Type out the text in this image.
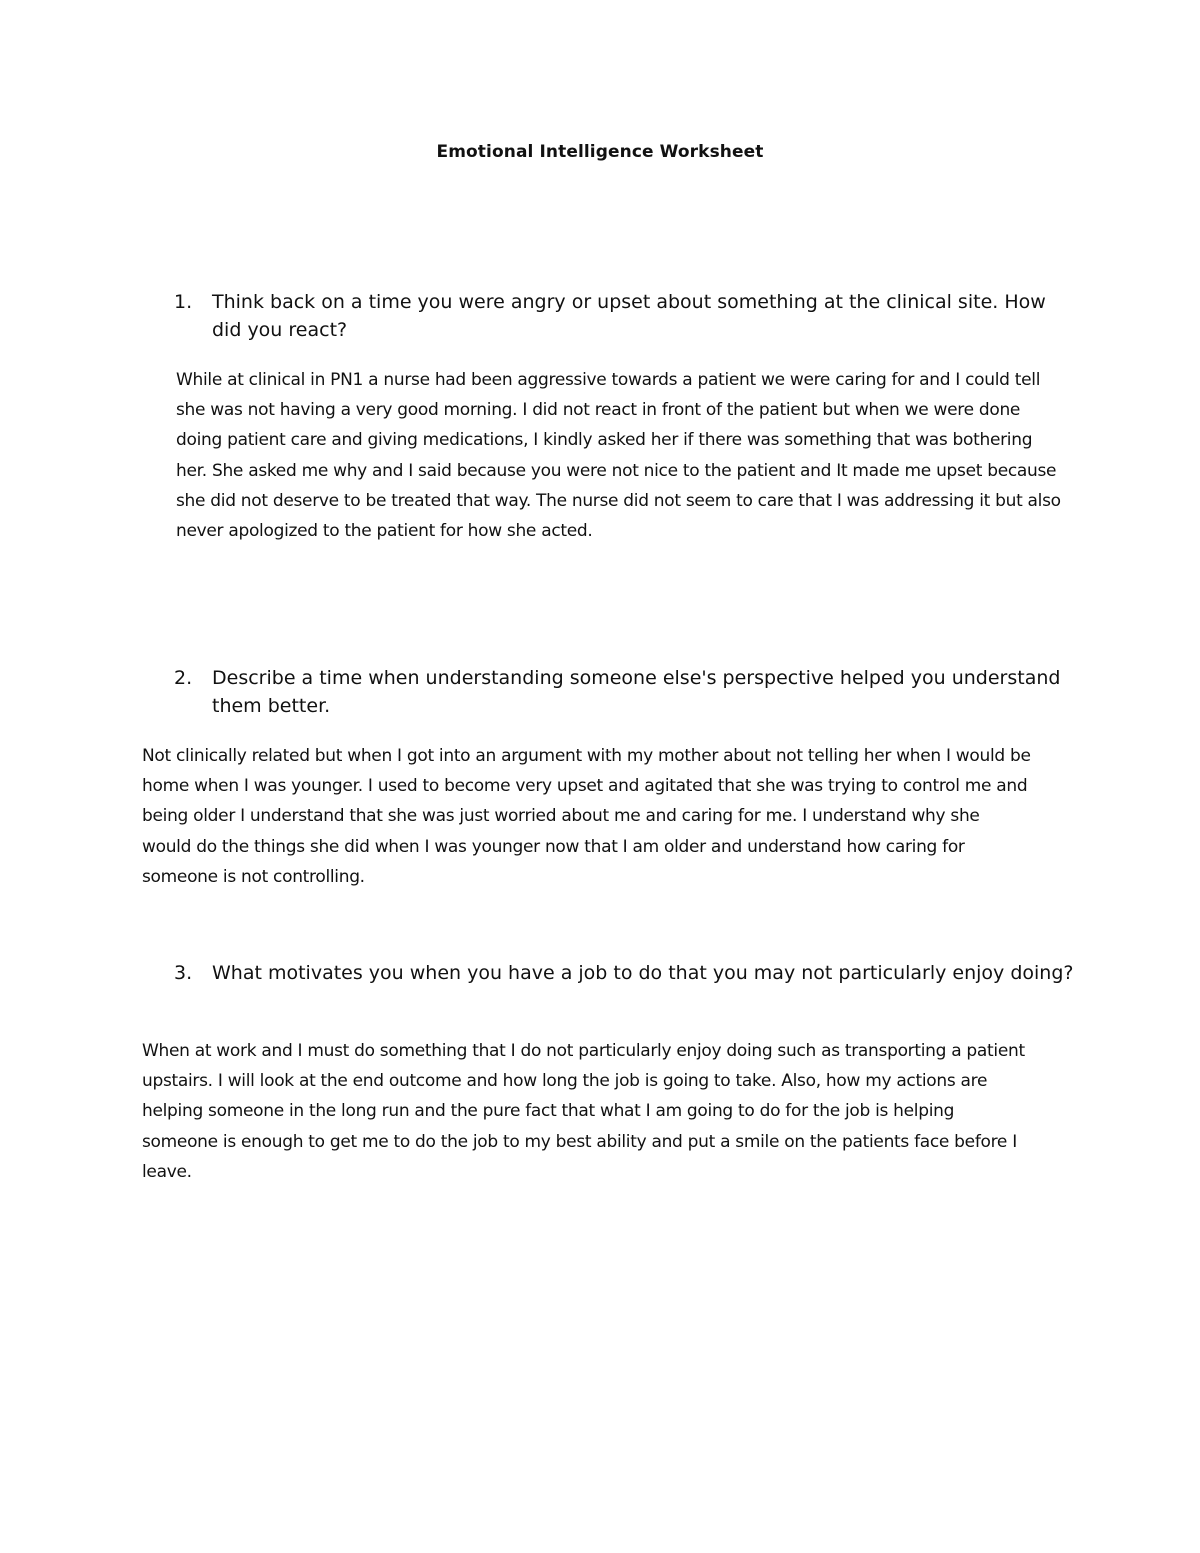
Emotional Intelligence Worksheet
1. Think back on a time you were angry or upset about something at the clinical site. How did you react?
While at clinical in PN1 a nurse had been aggressive towards a patient we were caring for and I could tell she was not having a very good morning. I did not react in front of the patient but when we were done doing patient care and giving medications, I kindly asked her if there was something that was bothering her. She asked me why and I said because you were not nice to the patient and It made me upset because she did not deserve to be treated that way. The nurse did not seem to care that I was addressing it but also never apologized to the patient for how she acted.
2. Describe a time when understanding someone else's perspective helped you understand them better.
Not clinically related but when I got into an argument with my mother about not telling her when I would be home when I was younger. I used to become very upset and agitated that she was trying to control me and being older I understand that she was just worried about me and caring for me. I understand why she would do the things she did when I was younger now that I am older and understand how caring for someone is not controlling.
3. What motivates you when you have a job to do that you may not particularly enjoy doing?
When at work and I must do something that I do not particularly enjoy doing such as transporting a patient upstairs. I will look at the end outcome and how long the job is going to take. Also, how my actions are helping someone in the long run and the pure fact that what I am going to do for the job is helping someone is enough to get me to do the job to my best ability and put a smile on the patients face before I leave.
